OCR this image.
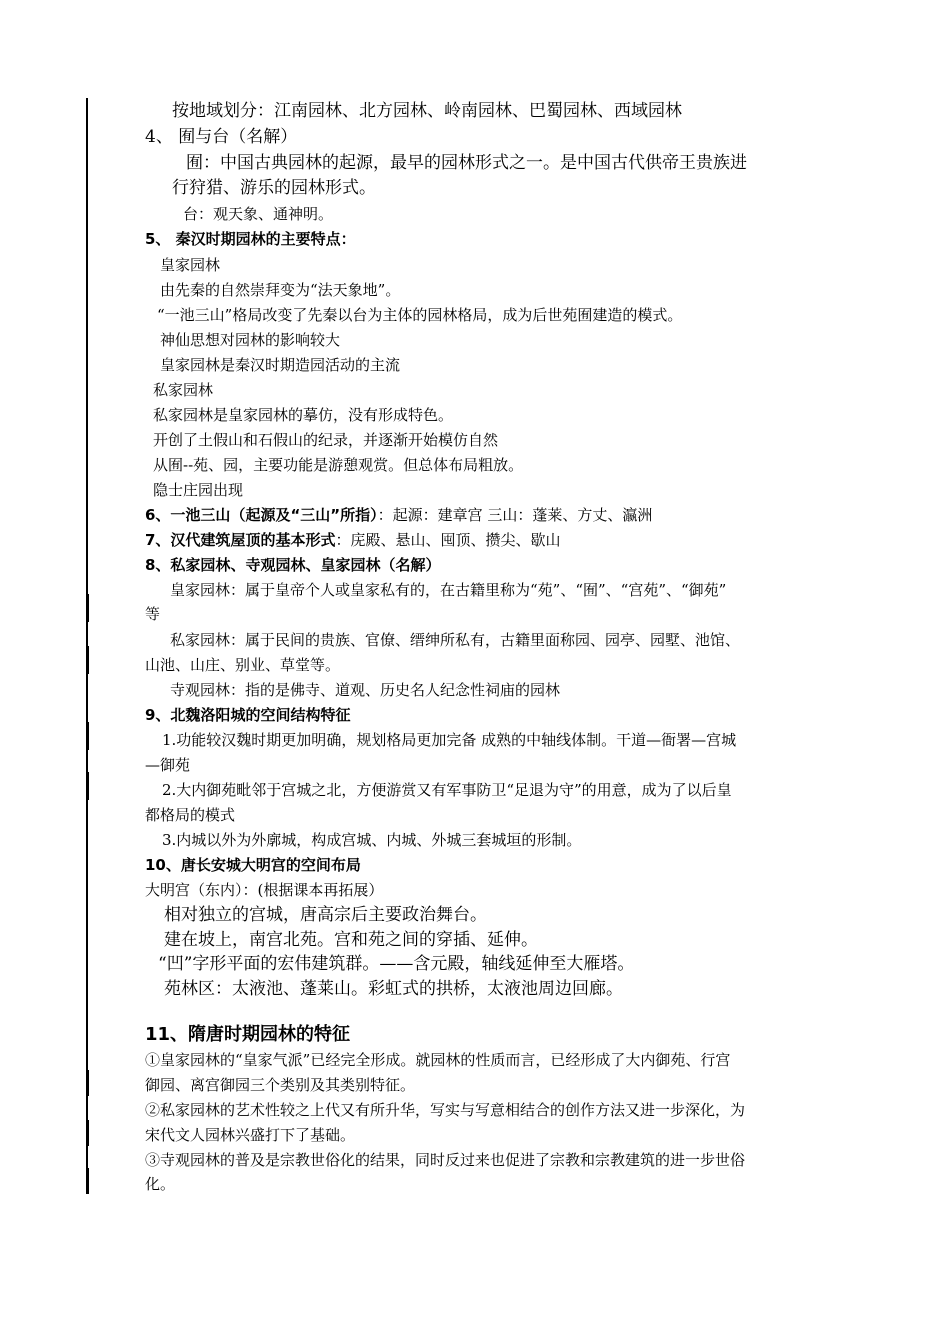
按地域划分：江南园林、北方园林、岭南园林、巴蜀园林、西域园林
4、 囿与台（名解）
囿：中国古典园林的起源，最早的园林形式之一。是中国古代供帝王贵族进
行狩猎、游乐的园林形式。
台：观天象、通神明。
5、 秦汉时期园林的主要特点：
皇家园林
由先秦的自然崇拜变为“法天象地”。
“一池三山”格局改变了先秦以台为主体的园林格局，成为后世苑囿建造的模式。
神仙思想对园林的影响较大
皇家园林是秦汉时期造园活动的主流
私家园林
私家园林是皇家园林的摹仿，没有形成特色。
开创了土假山和石假山的纪录，并逐渐开始模仿自然
从囿--苑、园，主要功能是游憩观赏。但总体布局粗放。
隐士庄园出现
6、一池三山（起源及“三山”所指）：起源：建章宫 三山：蓬莱、方丈、瀛洲
7、汉代建筑屋顶的基本形式：庑殿、悬山、囤顶、攒尖、歇山
8、私家园林、寺观园林、皇家园林（名解）
皇家园林：属于皇帝个人或皇家私有的，在古籍里称为“苑”、“囿”、“宫苑”、“御苑”
等
私家园林：属于民间的贵族、官僚、缙绅所私有，古籍里面称园、园亭、园墅、池馆、
山池、山庄、别业、草堂等。
寺观园林：指的是佛寺、道观、历史名人纪念性祠庙的园林
9、北魏洛阳城的空间结构特征
1.功能较汉魏时期更加明确，规划格局更加完备 成熟的中轴线体制。干道—衙署—宫城
—御苑
2.大内御苑毗邻于宫城之北，方便游赏又有军事防卫“足退为守”的用意，成为了以后皇
都格局的模式
3.内城以外为外廓城，构成宫城、内城、外城三套城垣的形制。
10、唐长安城大明宫的空间布局
大明宫（东内）：(根据课本再拓展）
相对独立的宫城，唐高宗后主要政治舞台。
建在坡上，南宫北苑。宫和苑之间的穿插、延伸。
“凹”字形平面的宏伟建筑群。——含元殿，轴线延伸至大雁塔。
苑林区：太液池、蓬莱山。彩虹式的拱桥，太液池周边回廊。
11、隋唐时期园林的特征
①皇家园林的“皇家气派”已经完全形成。就园林的性质而言，已经形成了大内御苑、行宫
御园、离宫御园三个类别及其类别特征。
②私家园林的艺术性较之上代又有所升华，写实与写意相结合的创作方法又进一步深化，为
宋代文人园林兴盛打下了基础。
③寺观园林的普及是宗教世俗化的结果，同时反过来也促进了宗教和宗教建筑的进一步世俗
化。
